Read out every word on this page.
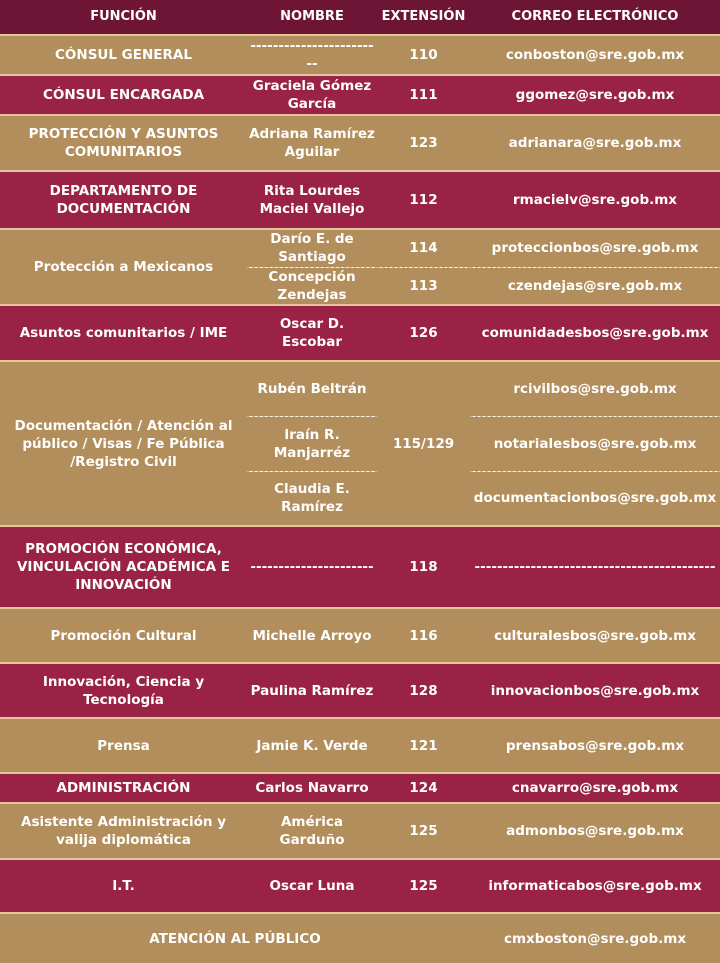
FUNCIÓN	NOMBRE	EXTENSIÓN	CORREO ELECTRÓNICO
CÓNSUL GENERAL	------------------------	110	conboston@sre.gob.mx
CÓNSUL ENCARGADA	Graciela Gómez García	111	ggomez@sre.gob.mx
PROTECCIÓN Y ASUNTOS COMUNITARIOS	Adriana Ramírez Aguilar	123	adrianara@sre.gob.mx
DEPARTAMENTO DE DOCUMENTACIÓN	Rita Lourdes Maciel Vallejo	112	rmacielv@sre.gob.mx
Protección a Mexicanos	Darío E. de Santiago	114	proteccionbos@sre.gob.mx
	Concepción Zendejas	113	czendejas@sre.gob.mx
Asuntos comunitarios / IME	Oscar D. Escobar	126	comunidadesbos@sre.gob.mx
Documentación / Atención al público / Visas / Fe Pública /Registro Civil	Rubén Beltrán	115/129	rcivilbos@sre.gob.mx
	Iraín R. Manjarréz		notarialesbos@sre.gob.mx
	Claudia E. Ramírez		documentacionbos@sre.gob.mx
PROMOCIÓN ECONÓMICA, VINCULACIÓN ACADÉMICA E INNOVACIÓN	----------------------	118	-------------------------------------------
Promoción Cultural	Michelle Arroyo	116	culturalesbos@sre.gob.mx
Innovación, Ciencia y Tecnología	Paulina Ramírez	128	innovacionbos@sre.gob.mx
Prensa	Jamie K. Verde	121	prensabos@sre.gob.mx
ADMINISTRACIÓN	Carlos Navarro	124	cnavarro@sre.gob.mx
Asistente Administración y valija diplomática	América Garduño	125	admonbos@sre.gob.mx
I.T.	Oscar Luna	125	informaticabos@sre.gob.mx
ATENCIÓN AL PÚBLICO			cmxboston@sre.gob.mx
